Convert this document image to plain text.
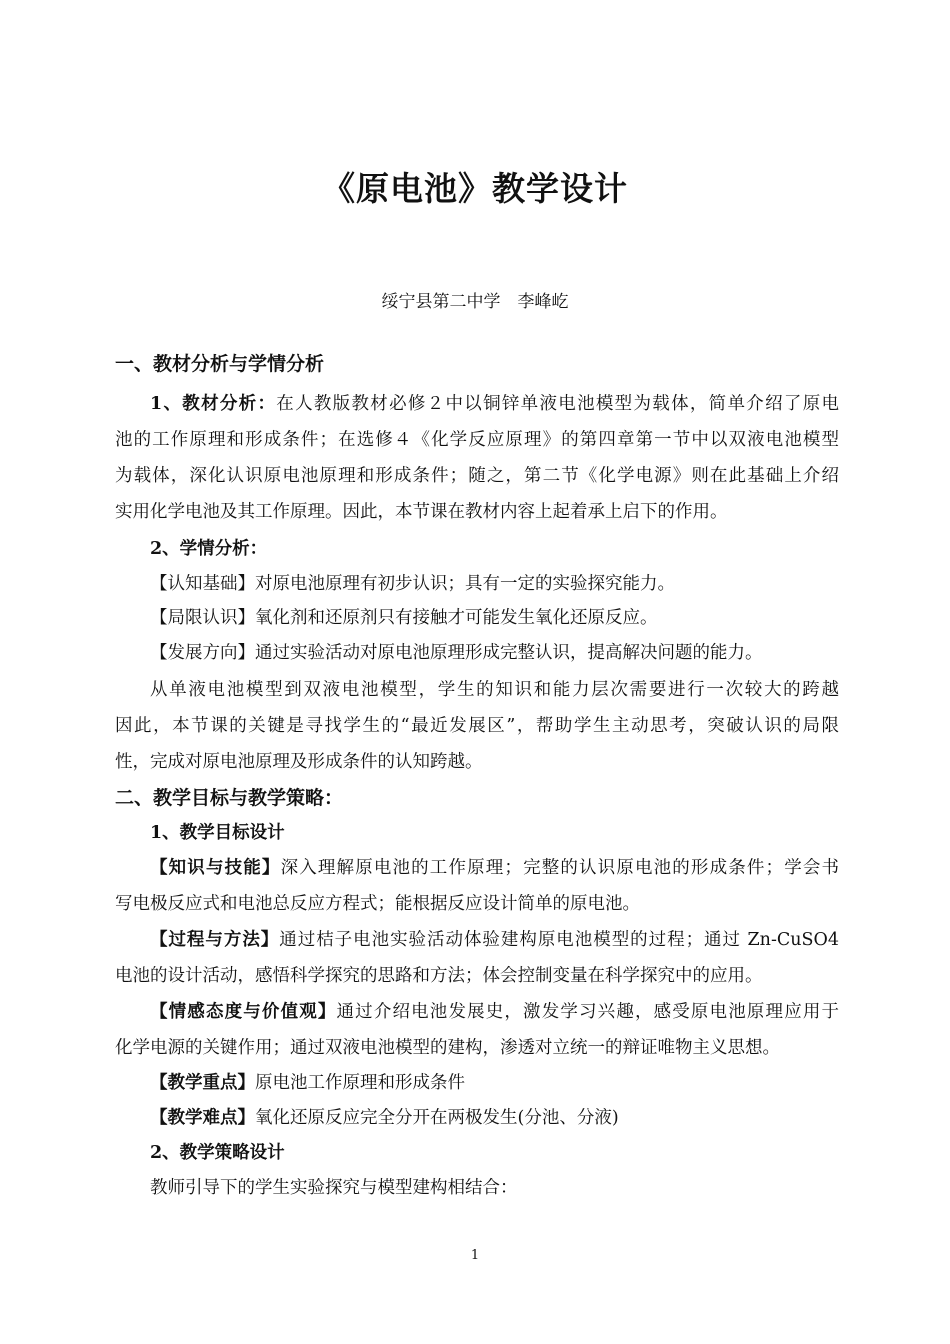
《原电池》教学设计
绥宁县第二中学　李峰屹
一、教材分析与学情分析
1、教材分析：在人教版教材必修２中以铜锌单液电池模型为载体，简单介绍了原电
池的工作原理和形成条件；在选修４《化学反应原理》的第四章第一节中以双液电池模型
为载体，深化认识原电池原理和形成条件；随之，第二节《化学电源》则在此基础上介绍
实用化学电池及其工作原理。因此，本节课在教材内容上起着承上启下的作用。
2、学情分析：
【认知基础】对原电池原理有初步认识；具有一定的实验探究能力。
【局限认识】氧化剂和还原剂只有接触才可能发生氧化还原反应。
【发展方向】通过实验活动对原电池原理形成完整认识，提高解决问题的能力。
从单液电池模型到双液电池模型，学生的知识和能力层次需要进行一次较大的跨越
因此，本节课的关键是寻找学生的“最近发展区”，帮助学生主动思考，突破认识的局限
性，完成对原电池原理及形成条件的认知跨越。
二、教学目标与教学策略：
1、教学目标设计
【知识与技能】深入理解原电池的工作原理；完整的认识原电池的形成条件；学会书
写电极反应式和电池总反应方程式；能根据反应设计简单的原电池。
【过程与方法】通过桔子电池实验活动体验建构原电池模型的过程；通过 Zn-CuSO4
电池的设计活动，感悟科学探究的思路和方法；体会控制变量在科学探究中的应用。
【情感态度与价值观】通过介绍电池发展史，激发学习兴趣，感受原电池原理应用于
化学电源的关键作用；通过双液电池模型的建构，渗透对立统一的辩证唯物主义思想。
【教学重点】原电池工作原理和形成条件
【教学难点】氧化还原反应完全分开在两极发生(分池、分液)
2、教学策略设计
教师引导下的学生实验探究与模型建构相结合：
1
